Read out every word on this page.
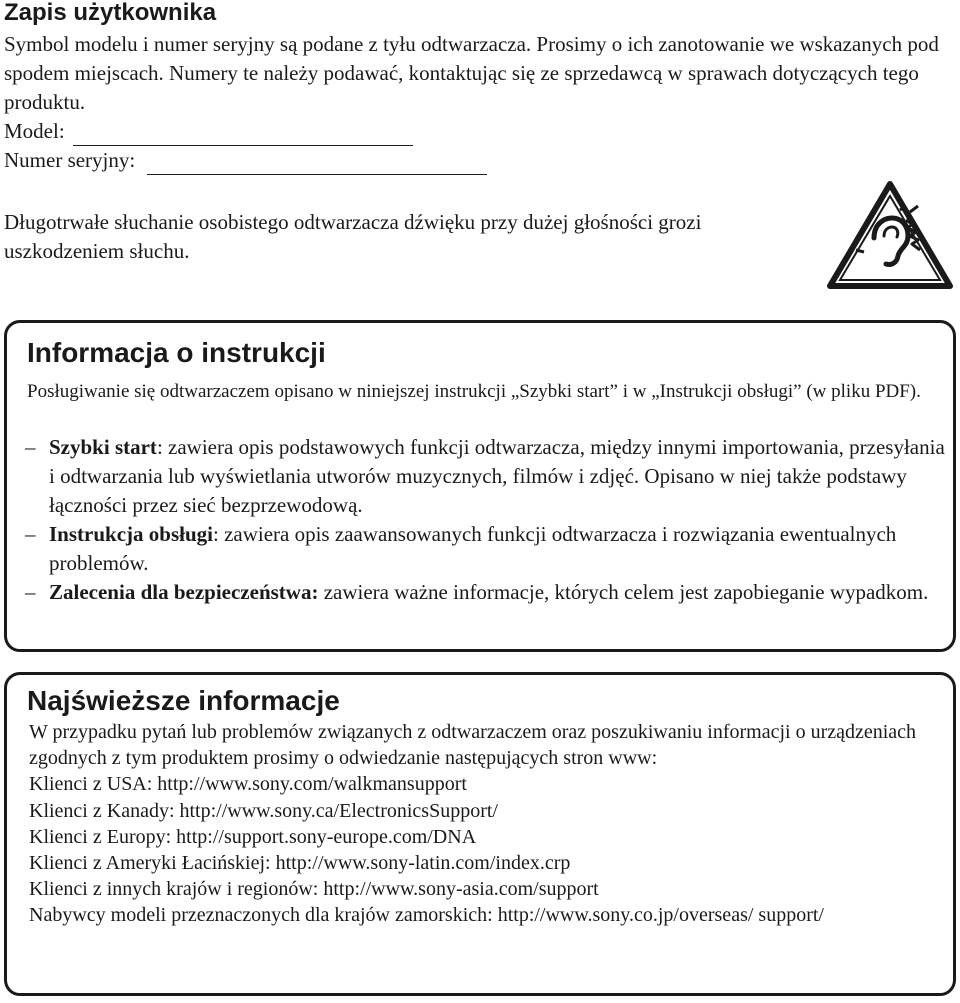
Zapis użytkownika

Symbol modelu i numer seryjny są podane z tyłu odtwarzacza. Prosimy o ich zanotowanie we wskazanych pod spodem miejscach. Numery te należy podawać, kontaktując się ze sprzedawcą w sprawach dotyczących tego produktu.

Model:

Numer seryjny:

Długotrwałe słuchanie osobistego odtwarzacza dźwięku przy dużej głośności grozi uszkodzeniem słuchu.
Informacja o instrukcji
Posługiwanie się odtwarzaczem opisano w niniejszej instrukcji „Szybki start” i w „Instrukcji obsługi” (w pliku PDF).
– Szybki start: zawiera opis podstawowych funkcji odtwarzacza, między innymi importowania, przesyłania i odtwarzania lub wyświetlania utworów muzycznych, filmów i zdjęć. Opisano w niej także podstawy łączności przez sieć bezprzewodową.
– Instrukcja obsługi: zawiera opis zaawansowanych funkcji odtwarzacza i rozwiązania ewentualnych problemów.
– Zalecenia dla bezpieczeństwa: zawiera ważne informacje, których celem jest zapobieganie wypadkom.
Najświeższe informacje

W przypadku pytań lub problemów związanych z odtwarzaczem oraz poszukiwaniu informacji o urządzeniach zgodnych z tym produktem prosimy o odwiedzanie następujących stron www:

Klienci z USA: http://www.sony.com/walkmansupport

Klienci z Kanady: http://www.sony.ca/ElectronicsSupport/

Klienci z Europy: http://support.sony-europe.com/DNA

Klienci z Ameryki Łacińskiej: http://www.sony-latin.com/index.crp

Klienci z innych krajów i regionów: http://www.sony-asia.com/support

Nabywcy modeli przeznaczonych dla krajów zamorskich: http://www.sony.co.jp/overseas/ support/
